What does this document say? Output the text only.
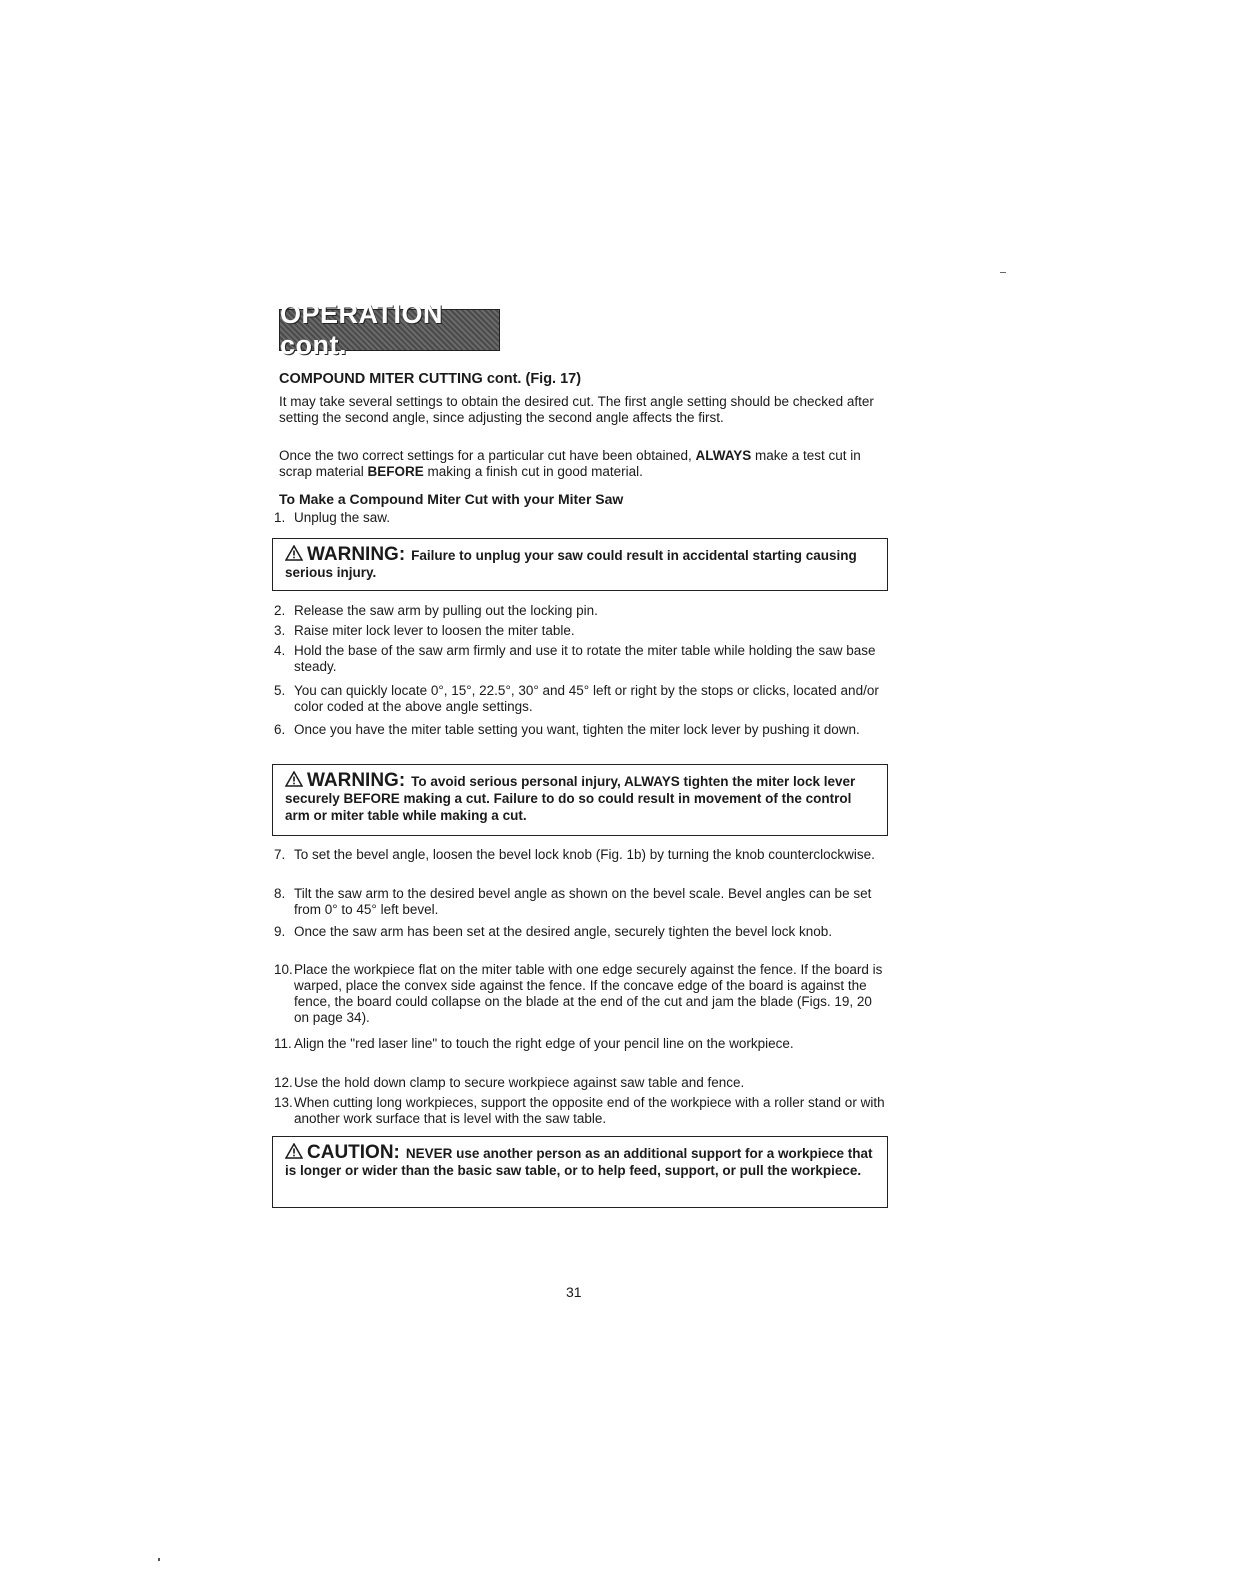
OPERATION cont.
COMPOUND MITER CUTTING cont. (Fig. 17)
It may take several settings to obtain the desired cut. The first angle setting should be checked after setting the second angle, since adjusting the second angle affects the first.
Once the two correct settings for a particular cut have been obtained, ALWAYS make a test cut in scrap material BEFORE making a finish cut in good material.
To Make a Compound Miter Cut with your Miter Saw
1. Unplug the saw.
WARNING: Failure to unplug your saw could result in accidental starting causing serious injury.
2. Release the saw arm by pulling out the locking pin.
3. Raise miter lock lever to loosen the miter table.
4. Hold the base of the saw arm firmly and use it to rotate the miter table while holding the saw base steady.
5. You can quickly locate 0°, 15°, 22.5°, 30° and 45° left or right by the stops or clicks, located and/or color coded at the above angle settings.
6. Once you have the miter table setting you want, tighten the miter lock lever by pushing it down.
WARNING: To avoid serious personal injury, ALWAYS tighten the miter lock lever securely BEFORE making a cut. Failure to do so could result in movement of the control arm or miter table while making a cut.
7. To set the bevel angle, loosen the bevel lock knob (Fig. 1b) by turning the knob counterclockwise.
8. Tilt the saw arm to the desired bevel angle as shown on the bevel scale. Bevel angles can be set from 0° to 45° left bevel.
9. Once the saw arm has been set at the desired angle, securely tighten the bevel lock knob.
10. Place the workpiece flat on the miter table with one edge securely against the fence. If the board is warped, place the convex side against the fence. If the concave edge of the board is against the fence, the board could collapse on the blade at the end of the cut and jam the blade (Figs. 19, 20 on page 34).
11. Align the "red laser line" to touch the right edge of your pencil line on the workpiece.
12. Use the hold down clamp to secure workpiece against saw table and fence.
13. When cutting long workpieces, support the opposite end of the workpiece with a roller stand or with another work surface that is level with the saw table.
CAUTION: NEVER use another person as an additional support for a workpiece that is longer or wider than the basic saw table, or to help feed, support, or pull the workpiece.
31
